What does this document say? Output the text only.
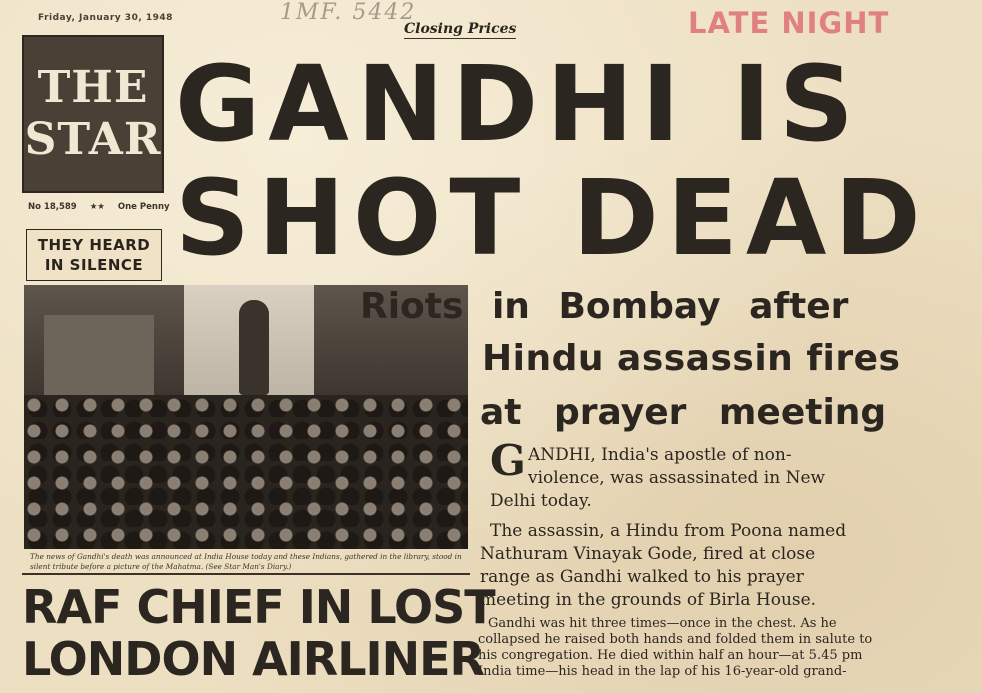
Friday, January 30, 1948	1MF. 5442
Closing Prices	LATE NIGHT
THE
STAR
No 18,589 ★★ One Penny
GANDHI IS
SHOT DEAD
THEY HEARD
IN SILENCE
The news of Gandhi's death was announced at India House today and these Indians, gathered in the library, stood in silent tribute before a picture of the Mahatma. (See Star Man's Diary.)
RAF CHIEF IN LOST
LONDON AIRLINER
Riots in Bombay after
Hindu assassin fires
at prayer meeting
G ANDHI, India's apostle of non-
violence, was assassinated in New
Delhi today.
The assassin, a Hindu from Poona named
Nathuram Vinayak Gode, fired at close
range as Gandhi walked to his prayer
meeting in the grounds of Birla House.
Gandhi was hit three times—once in the chest. As he
collapsed he raised both hands and folded them in salute to
his congregation. He died within half an hour—at 5.45 pm
India time—his head in the lap of his 16-year-old grand-
